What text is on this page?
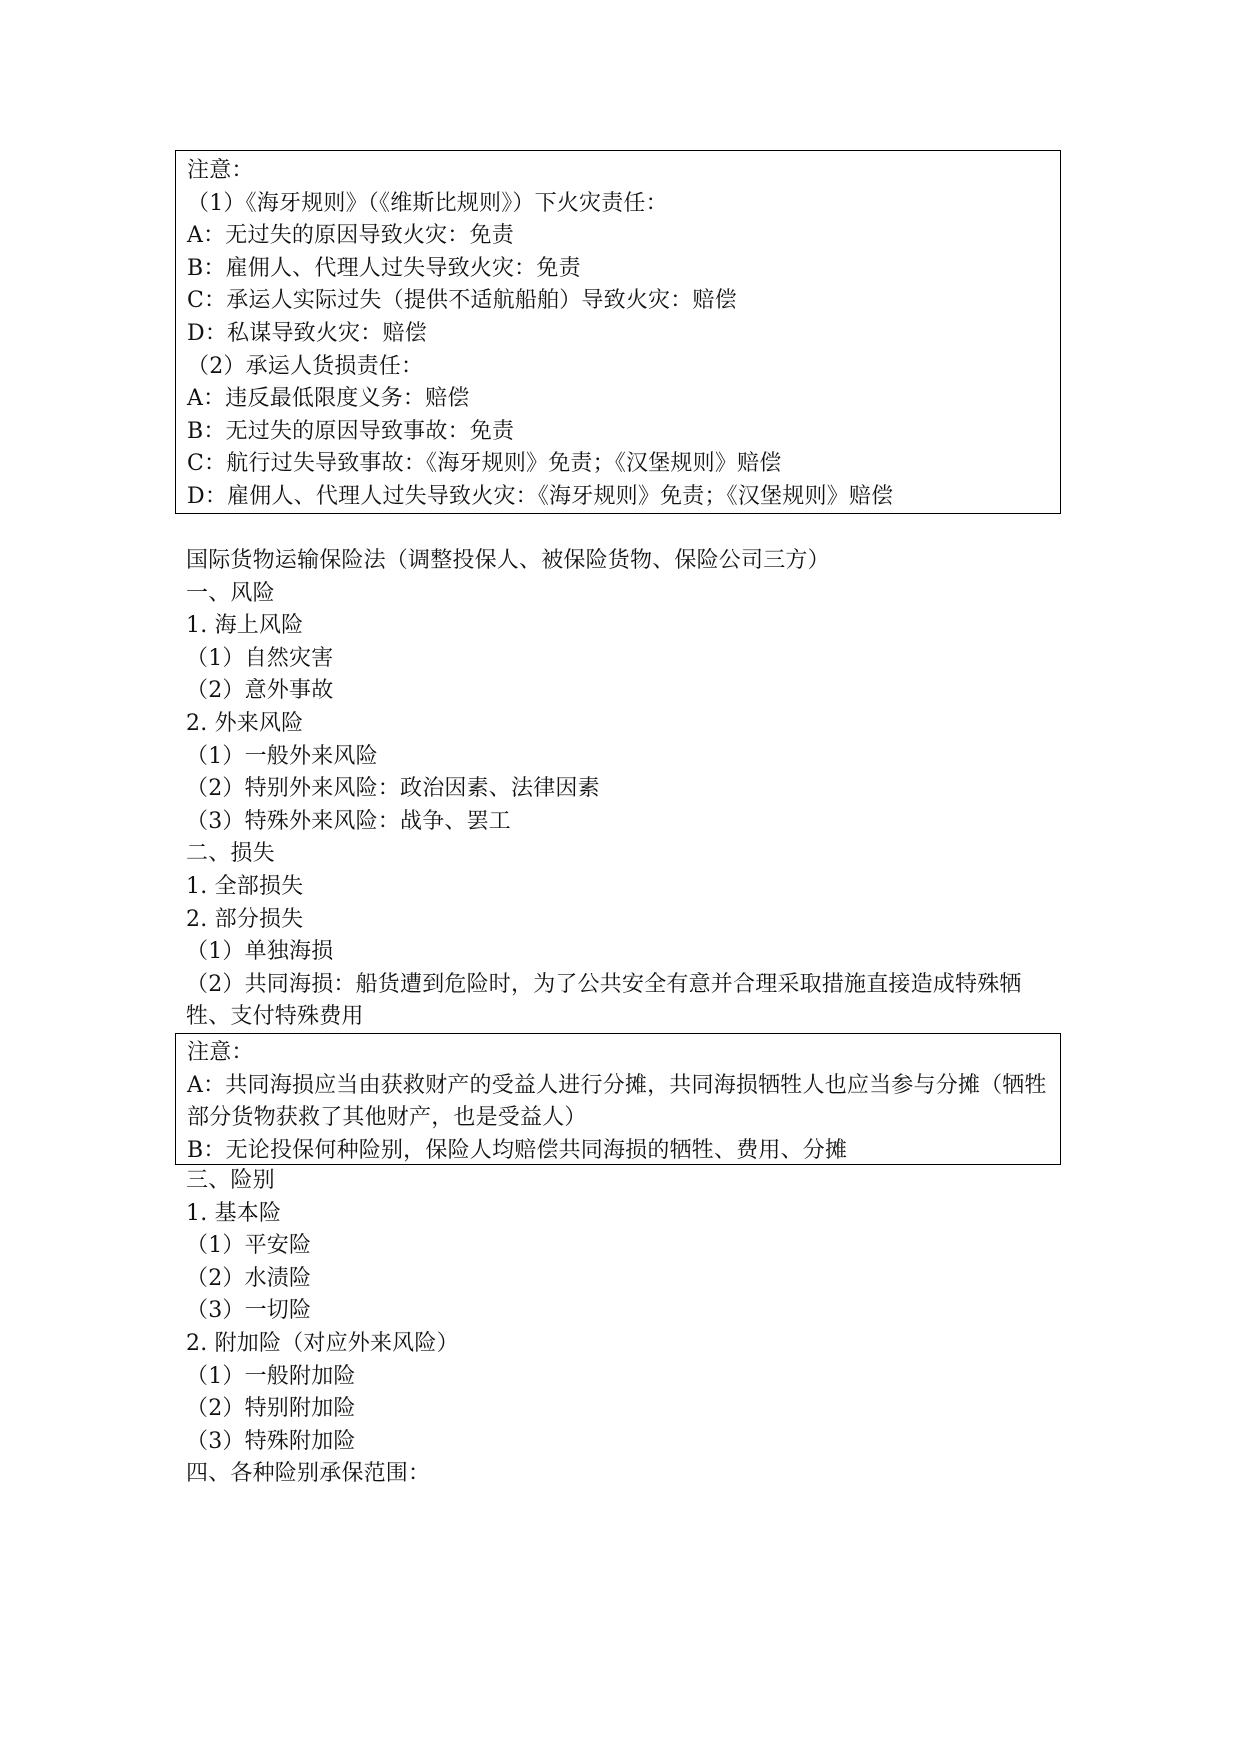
注意：
（1）《海牙规则》（《维斯比规则》）下火灾责任：
A：无过失的原因导致火灾：免责
B：雇佣人、代理人过失导致火灾：免责
C：承运人实际过失（提供不适航船舶）导致火灾：赔偿
D：私谋导致火灾：赔偿
（2）承运人货损责任：
A：违反最低限度义务：赔偿
B：无过失的原因导致事故：免责
C：航行过失导致事故：《海牙规则》免责；《汉堡规则》赔偿
D：雇佣人、代理人过失导致火灾：《海牙规则》免责；《汉堡规则》赔偿
国际货物运输保险法（调整投保人、被保险货物、保险公司三方）
一、风险
1. 海上风险
（1）自然灾害
（2）意外事故
2. 外来风险
（1）一般外来风险
（2）特别外来风险：政治因素、法律因素
（3）特殊外来风险：战争、罢工
二、损失
1. 全部损失
2. 部分损失
（1）单独海损
（2）共同海损：船货遭到危险时，为了公共安全有意并合理采取措施直接造成特殊牺牲、支付特殊费用
注意：
A：共同海损应当由获救财产的受益人进行分摊，共同海损牺牲人也应当参与分摊（牺牲部分货物获救了其他财产，也是受益人）
B：无论投保何种险别，保险人均赔偿共同海损的牺牲、费用、分摊
三、险别
1. 基本险
（1）平安险
（2）水渍险
（3）一切险
2. 附加险（对应外来风险）
（1）一般附加险
（2）特别附加险
（3）特殊附加险
四、各种险别承保范围：
